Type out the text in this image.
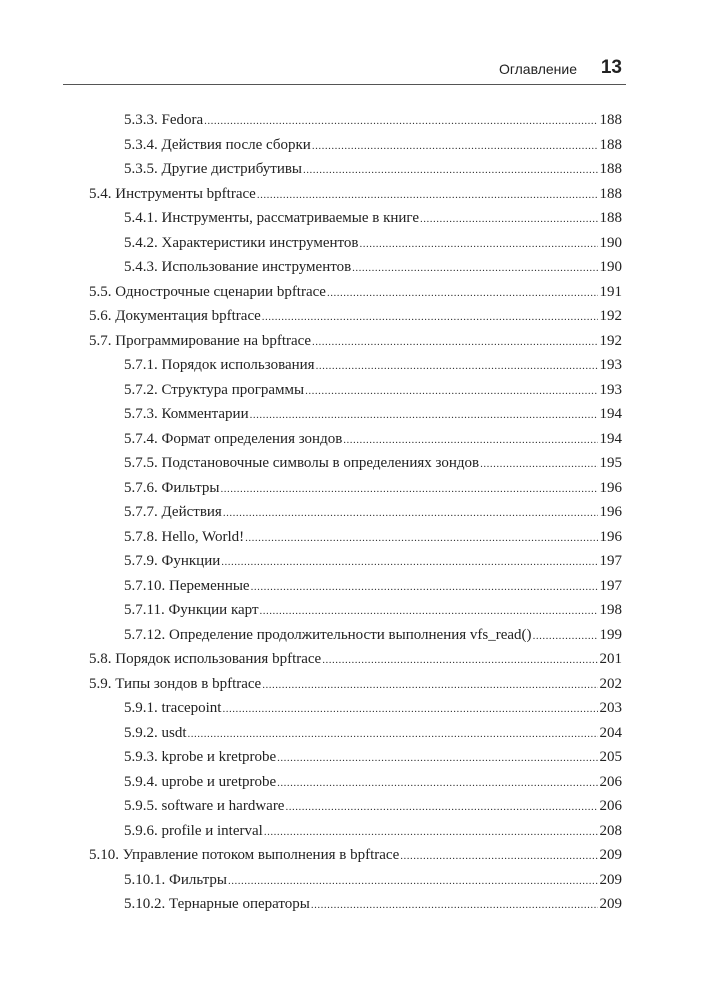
Оглавление 13
5.3.3. Fedora .....	188
5.3.4. Действия после сборки .....	188
5.3.5. Другие дистрибутивы .....	188
5.4. Инструменты bpftrace .....	188
5.4.1. Инструменты, рассматриваемые в книге .....	188
5.4.2. Характеристики инструментов .....	190
5.4.3. Использование инструментов .....	190
5.5. Однострочные сценарии bpftrace .....	191
5.6. Документация bpftrace .....	192
5.7. Программирование на bpftrace .....	192
5.7.1. Порядок использования .....	193
5.7.2. Структура программы .....	193
5.7.3. Комментарии .....	194
5.7.4. Формат определения зондов .....	194
5.7.5. Подстановочные символы в определениях зондов .....	195
5.7.6. Фильтры .....	196
5.7.7. Действия .....	196
5.7.8. Hello, World! .....	196
5.7.9. Функции .....	197
5.7.10. Переменные .....	197
5.7.11. Функции карт .....	198
5.7.12. Определение продолжительности выполнения vfs_read() .....	199
5.8. Порядок использования bpftrace .....	201
5.9. Типы зондов в bpftrace .....	202
5.9.1. tracepoint .....	203
5.9.2. usdt .....	204
5.9.3. kprobe и kretprobe .....	205
5.9.4. uprobe и uretprobe .....	206
5.9.5. software и hardware .....	206
5.9.6. profile и interval .....	208
5.10. Управление потоком выполнения в bpftrace .....	209
5.10.1. Фильтры .....	209
5.10.2. Тернарные операторы .....	209
